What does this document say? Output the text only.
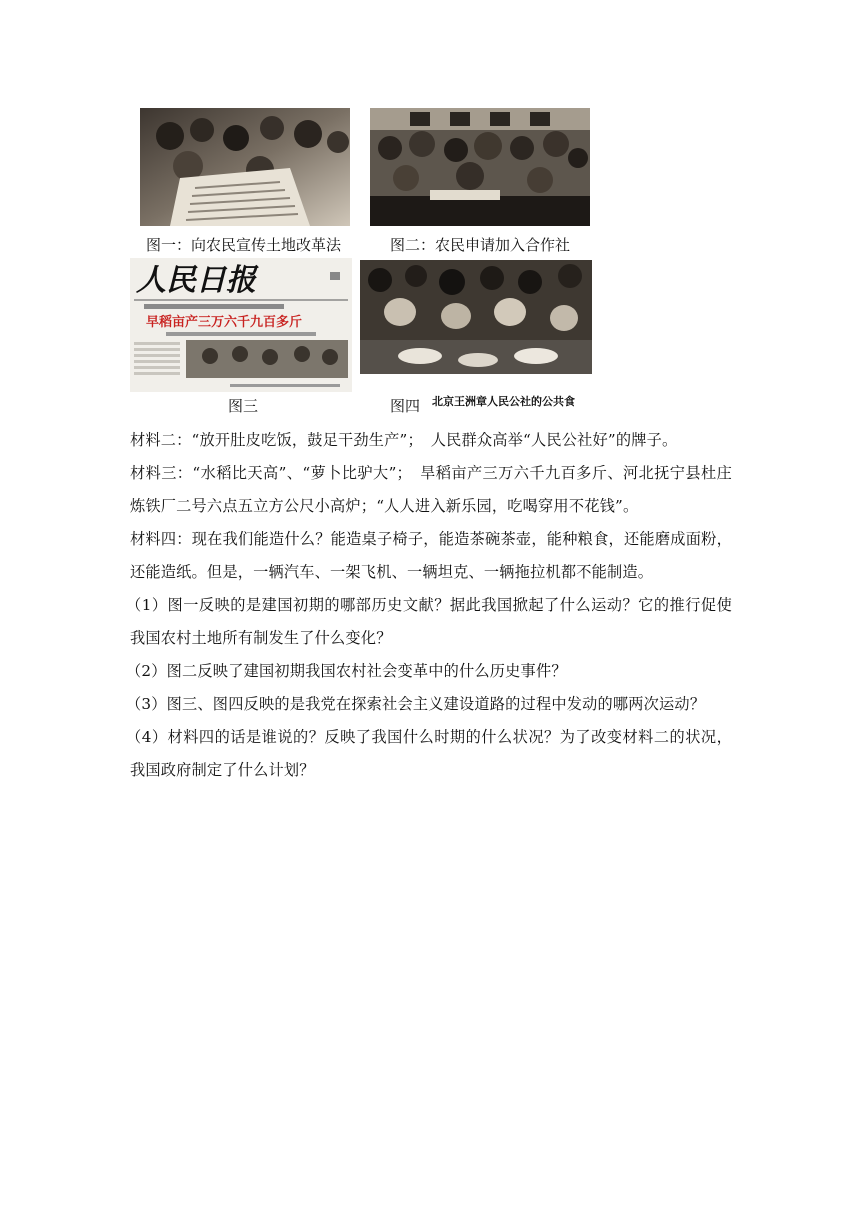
图一：向农民宣传土地改革法	图二：农民申请加入合作社
人民日报
早稻亩产三万六千九百多斤
图三	图四 北京王洲章人民公社的公共食

材料二：“放开肚皮吃饭，鼓足干劲生产”；　人民群众高举“人民公社好”的牌子。

材料三：“水稻比天高”、“萝卜比驴大”；　旱稻亩产三万六千九百多斤、河北抚宁县杜庄炼铁厂二号六点五立方公尺小高炉；“人人进入新乐园，吃喝穿用不花钱”。

材料四：现在我们能造什么？能造桌子椅子，能造茶碗茶壶，能种粮食，还能磨成面粉，还能造纸。但是，一辆汽车、一架飞机、一辆坦克、一辆拖拉机都不能制造。

（1）图一反映的是建国初期的哪部历史文献？据此我国掀起了什么运动？它的推行促使我国农村土地所有制发生了什么变化？

（2）图二反映了建国初期我国农村社会变革中的什么历史事件？

（3）图三、图四反映的是我党在探索社会主义建设道路的过程中发动的哪两次运动？

（4）材料四的话是谁说的？反映了我国什么时期的什么状况？为了改变材料二的状况，我国政府制定了什么计划？
